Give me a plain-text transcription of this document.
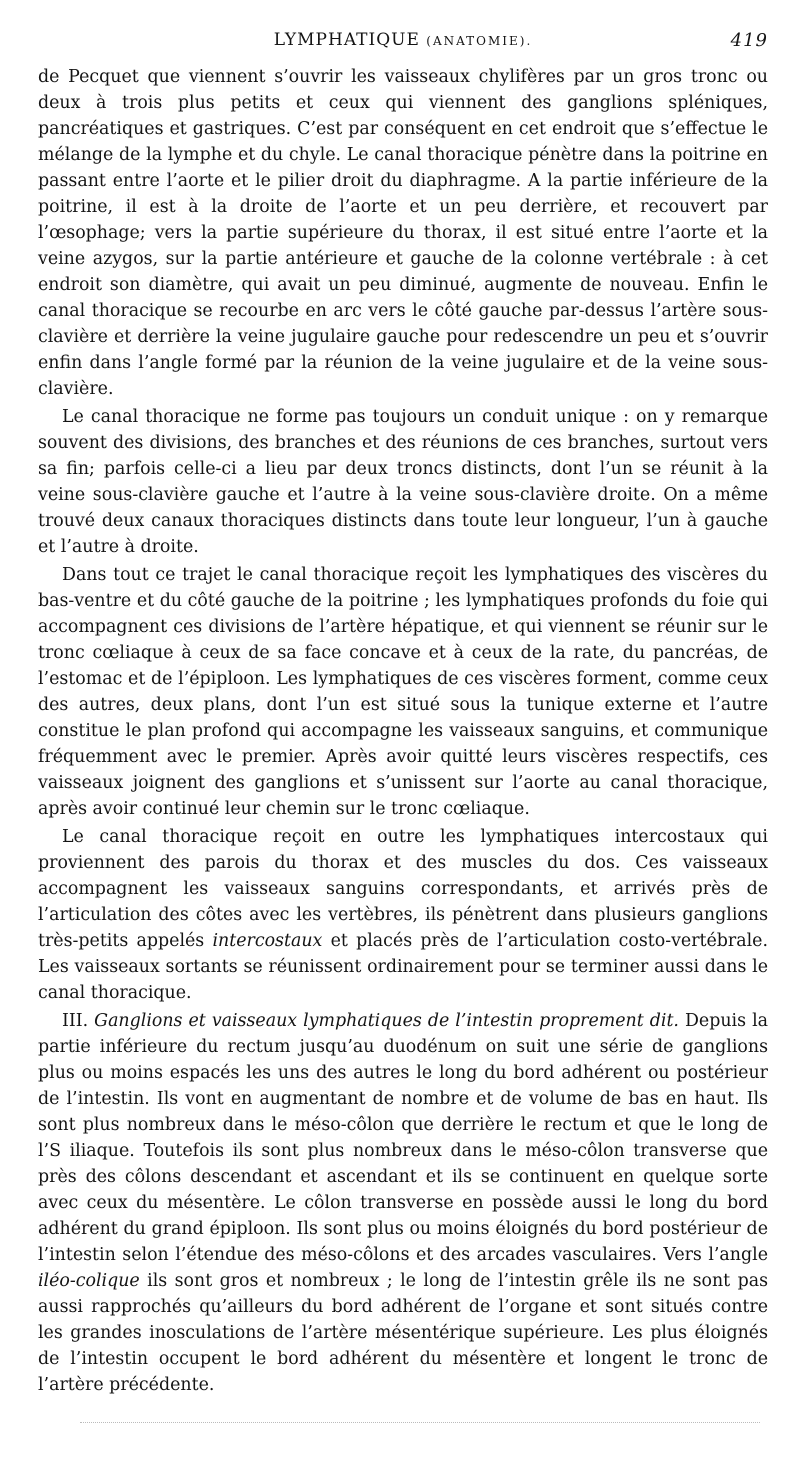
LYMPHATIQUE (ANATOMIE).	419

de Pecquet que viennent s’ouvrir les vaisseaux chylifères par un gros tronc ou deux à trois plus petits et ceux qui viennent des ganglions spléniques, pancréatiques et gastriques. C’est par conséquent en cet endroit que s’effectue le mélange de la lymphe et du chyle. Le canal thoracique pénètre dans la poitrine en passant entre l’aorte et le pilier droit du diaphragme. A la partie inférieure de la poitrine, il est à la droite de l’aorte et un peu derrière, et recouvert par l’œsophage; vers la partie supérieure du thorax, il est situé entre l’aorte et la veine azygos, sur la partie antérieure et gauche de la colonne vertébrale : à cet endroit son diamètre, qui avait un peu diminué, augmente de nouveau. Enfin le canal thoracique se recourbe en arc vers le côté gauche par-dessus l’artère sous-clavière et derrière la veine jugulaire gauche pour redescendre un peu et s’ouvrir enfin dans l’angle formé par la réunion de la veine jugulaire et de la veine sous-clavière.

Le canal thoracique ne forme pas toujours un conduit unique : on y remarque souvent des divisions, des branches et des réunions de ces branches, surtout vers sa fin; parfois celle-ci a lieu par deux troncs distincts, dont l’un se réunit à la veine sous-clavière gauche et l’autre à la veine sous-clavière droite. On a même trouvé deux canaux thoraciques distincts dans toute leur longueur, l’un à gauche et l’autre à droite.

Dans tout ce trajet le canal thoracique reçoit les lymphatiques des viscères du bas-ventre et du côté gauche de la poitrine ; les lymphatiques profonds du foie qui accompagnent ces divisions de l’artère hépatique, et qui viennent se réunir sur le tronc cœliaque à ceux de sa face concave et à ceux de la rate, du pancréas, de l’estomac et de l’épiploon. Les lymphatiques de ces viscères forment, comme ceux des autres, deux plans, dont l’un est situé sous la tunique externe et l’autre constitue le plan profond qui accompagne les vaisseaux sanguins, et communique fréquemment avec le premier. Après avoir quitté leurs viscères respectifs, ces vaisseaux joignent des ganglions et s’unissent sur l’aorte au canal thoracique, après avoir continué leur chemin sur le tronc cœliaque.

Le canal thoracique reçoit en outre les lymphatiques intercostaux qui proviennent des parois du thorax et des muscles du dos. Ces vaisseaux accompagnent les vaisseaux sanguins correspondants, et arrivés près de l’articulation des côtes avec les vertèbres, ils pénètrent dans plusieurs ganglions très-petits appelés intercostaux et placés près de l’articulation costo-vertébrale. Les vaisseaux sortants se réunissent ordinairement pour se terminer aussi dans le canal thoracique.

III. Ganglions et vaisseaux lymphatiques de l’intestin proprement dit. Depuis la partie inférieure du rectum jusqu’au duodénum on suit une série de ganglions plus ou moins espacés les uns des autres le long du bord adhérent ou postérieur de l’intestin. Ils vont en augmentant de nombre et de volume de bas en haut. Ils sont plus nombreux dans le méso-côlon que derrière le rectum et que le long de l’S iliaque. Toutefois ils sont plus nombreux dans le méso-côlon transverse que près des côlons descendant et ascendant et ils se continuent en quelque sorte avec ceux du mésentère. Le côlon transverse en possède aussi le long du bord adhérent du grand épiploon. Ils sont plus ou moins éloignés du bord postérieur de l’intestin selon l’étendue des méso-côlons et des arcades vasculaires. Vers l’angle iléo-colique ils sont gros et nombreux ; le long de l’intestin grêle ils ne sont pas aussi rapprochés qu’ailleurs du bord adhérent de l’organe et sont situés contre les grandes inosculations de l’artère mésentérique supérieure. Les plus éloignés de l’intestin occupent le bord adhérent du mésentère et longent le tronc de l’artère précédente.
